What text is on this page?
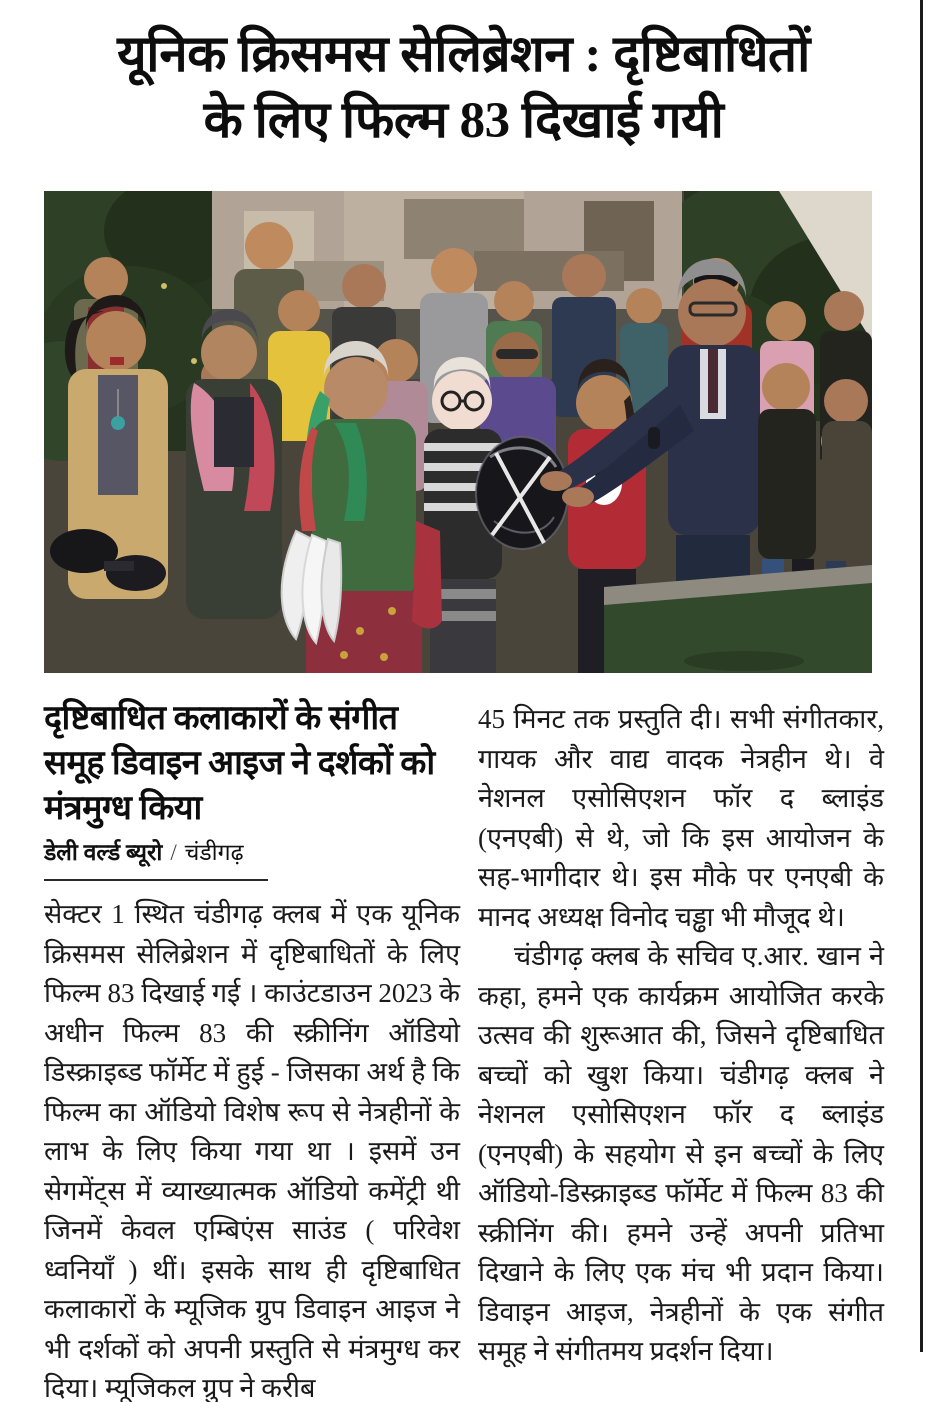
यूनिक क्रिसमस सेलिब्रेशन : दृष्टिबाधितों
के लिए फिल्म 83 दिखाई गयी
दृष्टिबाधित कलाकारों के संगीत समूह डिवाइन आइज ने दर्शकों को मंत्रमुग्ध किया
डेली वर्ल्ड ब्यूरो / चंडीगढ़

सेक्टर 1 स्थित चंडीगढ़ क्लब में एक यूनिक क्रिसमस सेलिब्रेशन में दृष्टिबाधितों के लिए फिल्म 83 दिखाई गई । काउंटडाउन 2023 के अधीन फिल्म 83 की स्क्रीनिंग ऑडियो डिस्क्राइब्ड फॉर्मेट में हुई - जिसका अर्थ है कि फिल्म का ऑडियो विशेष रूप से नेत्रहीनों के लाभ के लिए किया गया था । इसमें उन सेगमेंट्स में व्याख्यात्मक ऑडियो कमेंट्री थी जिनमें केवल एम्बिएंस साउंड ( परिवेश ध्वनियाँ ) थीं। इसके साथ ही दृष्टिबाधित कलाकारों के म्यूजिक ग्रुप डिवाइन आइज ने भी दर्शकों को अपनी प्रस्तुति से मंत्रमुग्ध कर दिया। म्यूजिकल ग्रुप ने करीब

45 मिनट तक प्रस्तुति दी। सभी संगीतकार, गायक और वाद्य वादक नेत्रहीन थे। वे नेशनल एसोसिएशन फॉर द ब्लाइंड (एनएबी) से थे, जो कि इस आयोजन के सह-भागीदार थे। इस मौके पर एनएबी के मानद अध्यक्ष विनोद चड्ढा भी मौजूद थे।

चंडीगढ़ क्लब के सचिव ए.आर. खान ने कहा, हमने एक कार्यक्रम आयोजित करके उत्सव की शुरूआत की, जिसने दृष्टिबाधित बच्चों को खुश किया। चंडीगढ़ क्लब ने नेशनल एसोसिएशन फॉर द ब्लाइंड (एनएबी) के सहयोग से इन बच्चों के लिए ऑडियो-डिस्क्राइब्ड फॉर्मेट में फिल्म 83 की स्क्रीनिंग की। हमने उन्हें अपनी प्रतिभा दिखाने के लिए एक मंच भी प्रदान किया। डिवाइन आइज, नेत्रहीनों के एक संगीत समूह ने संगीतमय प्रदर्शन दिया।
